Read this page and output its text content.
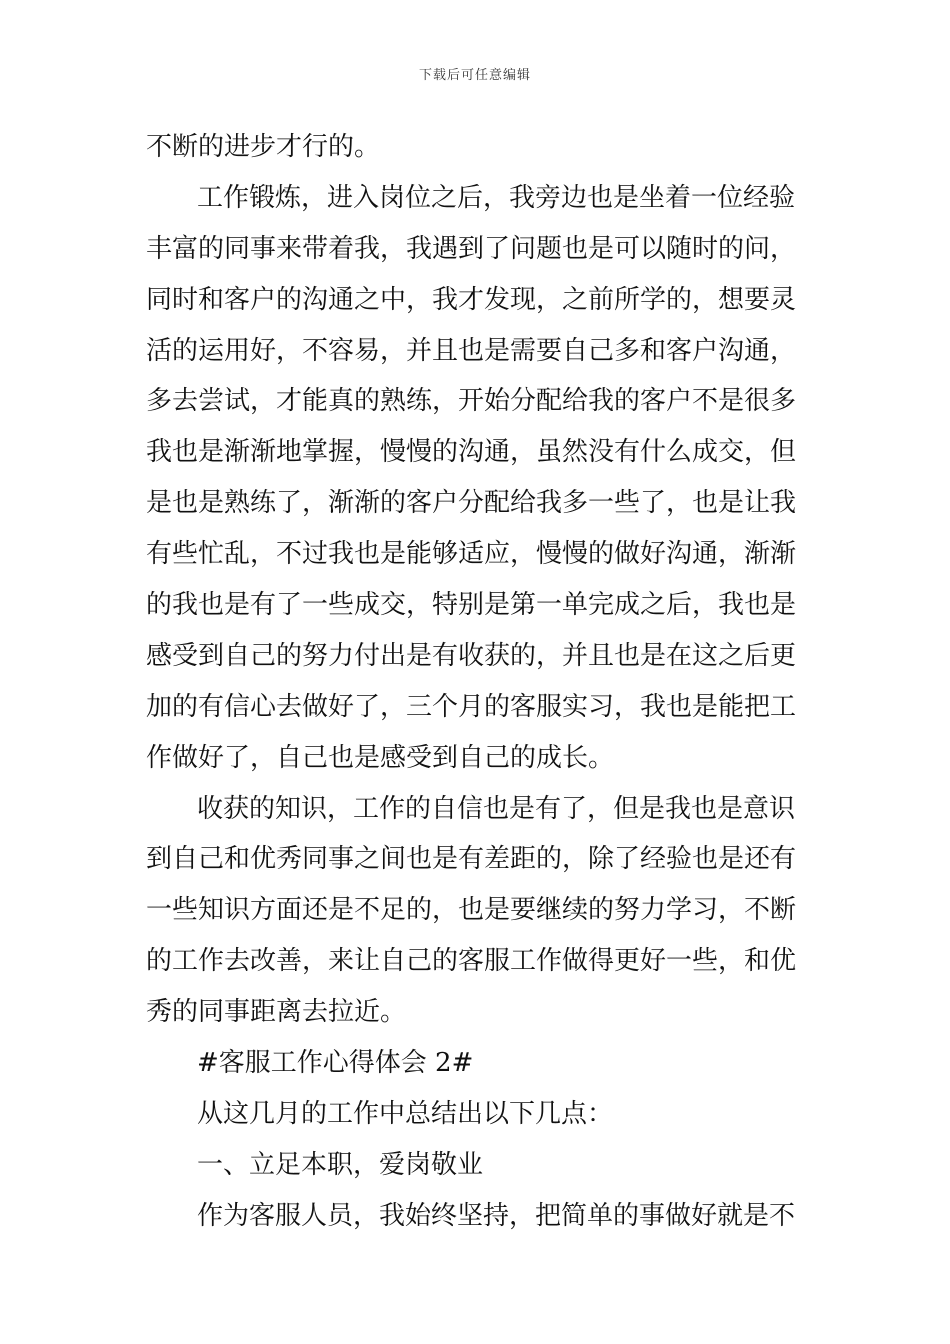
下载后可任意编辑
不断的进步才行的。
工作锻炼，进入岗位之后，我旁边也是坐着一位经验
丰富的同事来带着我，我遇到了问题也是可以随时的问，
同时和客户的沟通之中，我才发现，之前所学的，想要灵
活的运用好，不容易，并且也是需要自己多和客户沟通，
多去尝试，才能真的熟练，开始分配给我的客户不是很多
我也是渐渐地掌握，慢慢的沟通，虽然没有什么成交，但
是也是熟练了，渐渐的客户分配给我多一些了，也是让我
有些忙乱，不过我也是能够适应，慢慢的做好沟通，渐渐
的我也是有了一些成交，特别是第一单完成之后，我也是
感受到自己的努力付出是有收获的，并且也是在这之后更
加的有信心去做好了，三个月的客服实习，我也是能把工
作做好了，自己也是感受到自己的成长。
收获的知识，工作的自信也是有了，但是我也是意识
到自己和优秀同事之间也是有差距的，除了经验也是还有
一些知识方面还是不足的，也是要继续的努力学习，不断
的工作去改善，来让自己的客服工作做得更好一些，和优
秀的同事距离去拉近。
#客服工作心得体会 2#
从这几月的工作中总结出以下几点：
一、立足本职，爱岗敬业
作为客服人员，我始终坚持，把简单的事做好就是不
